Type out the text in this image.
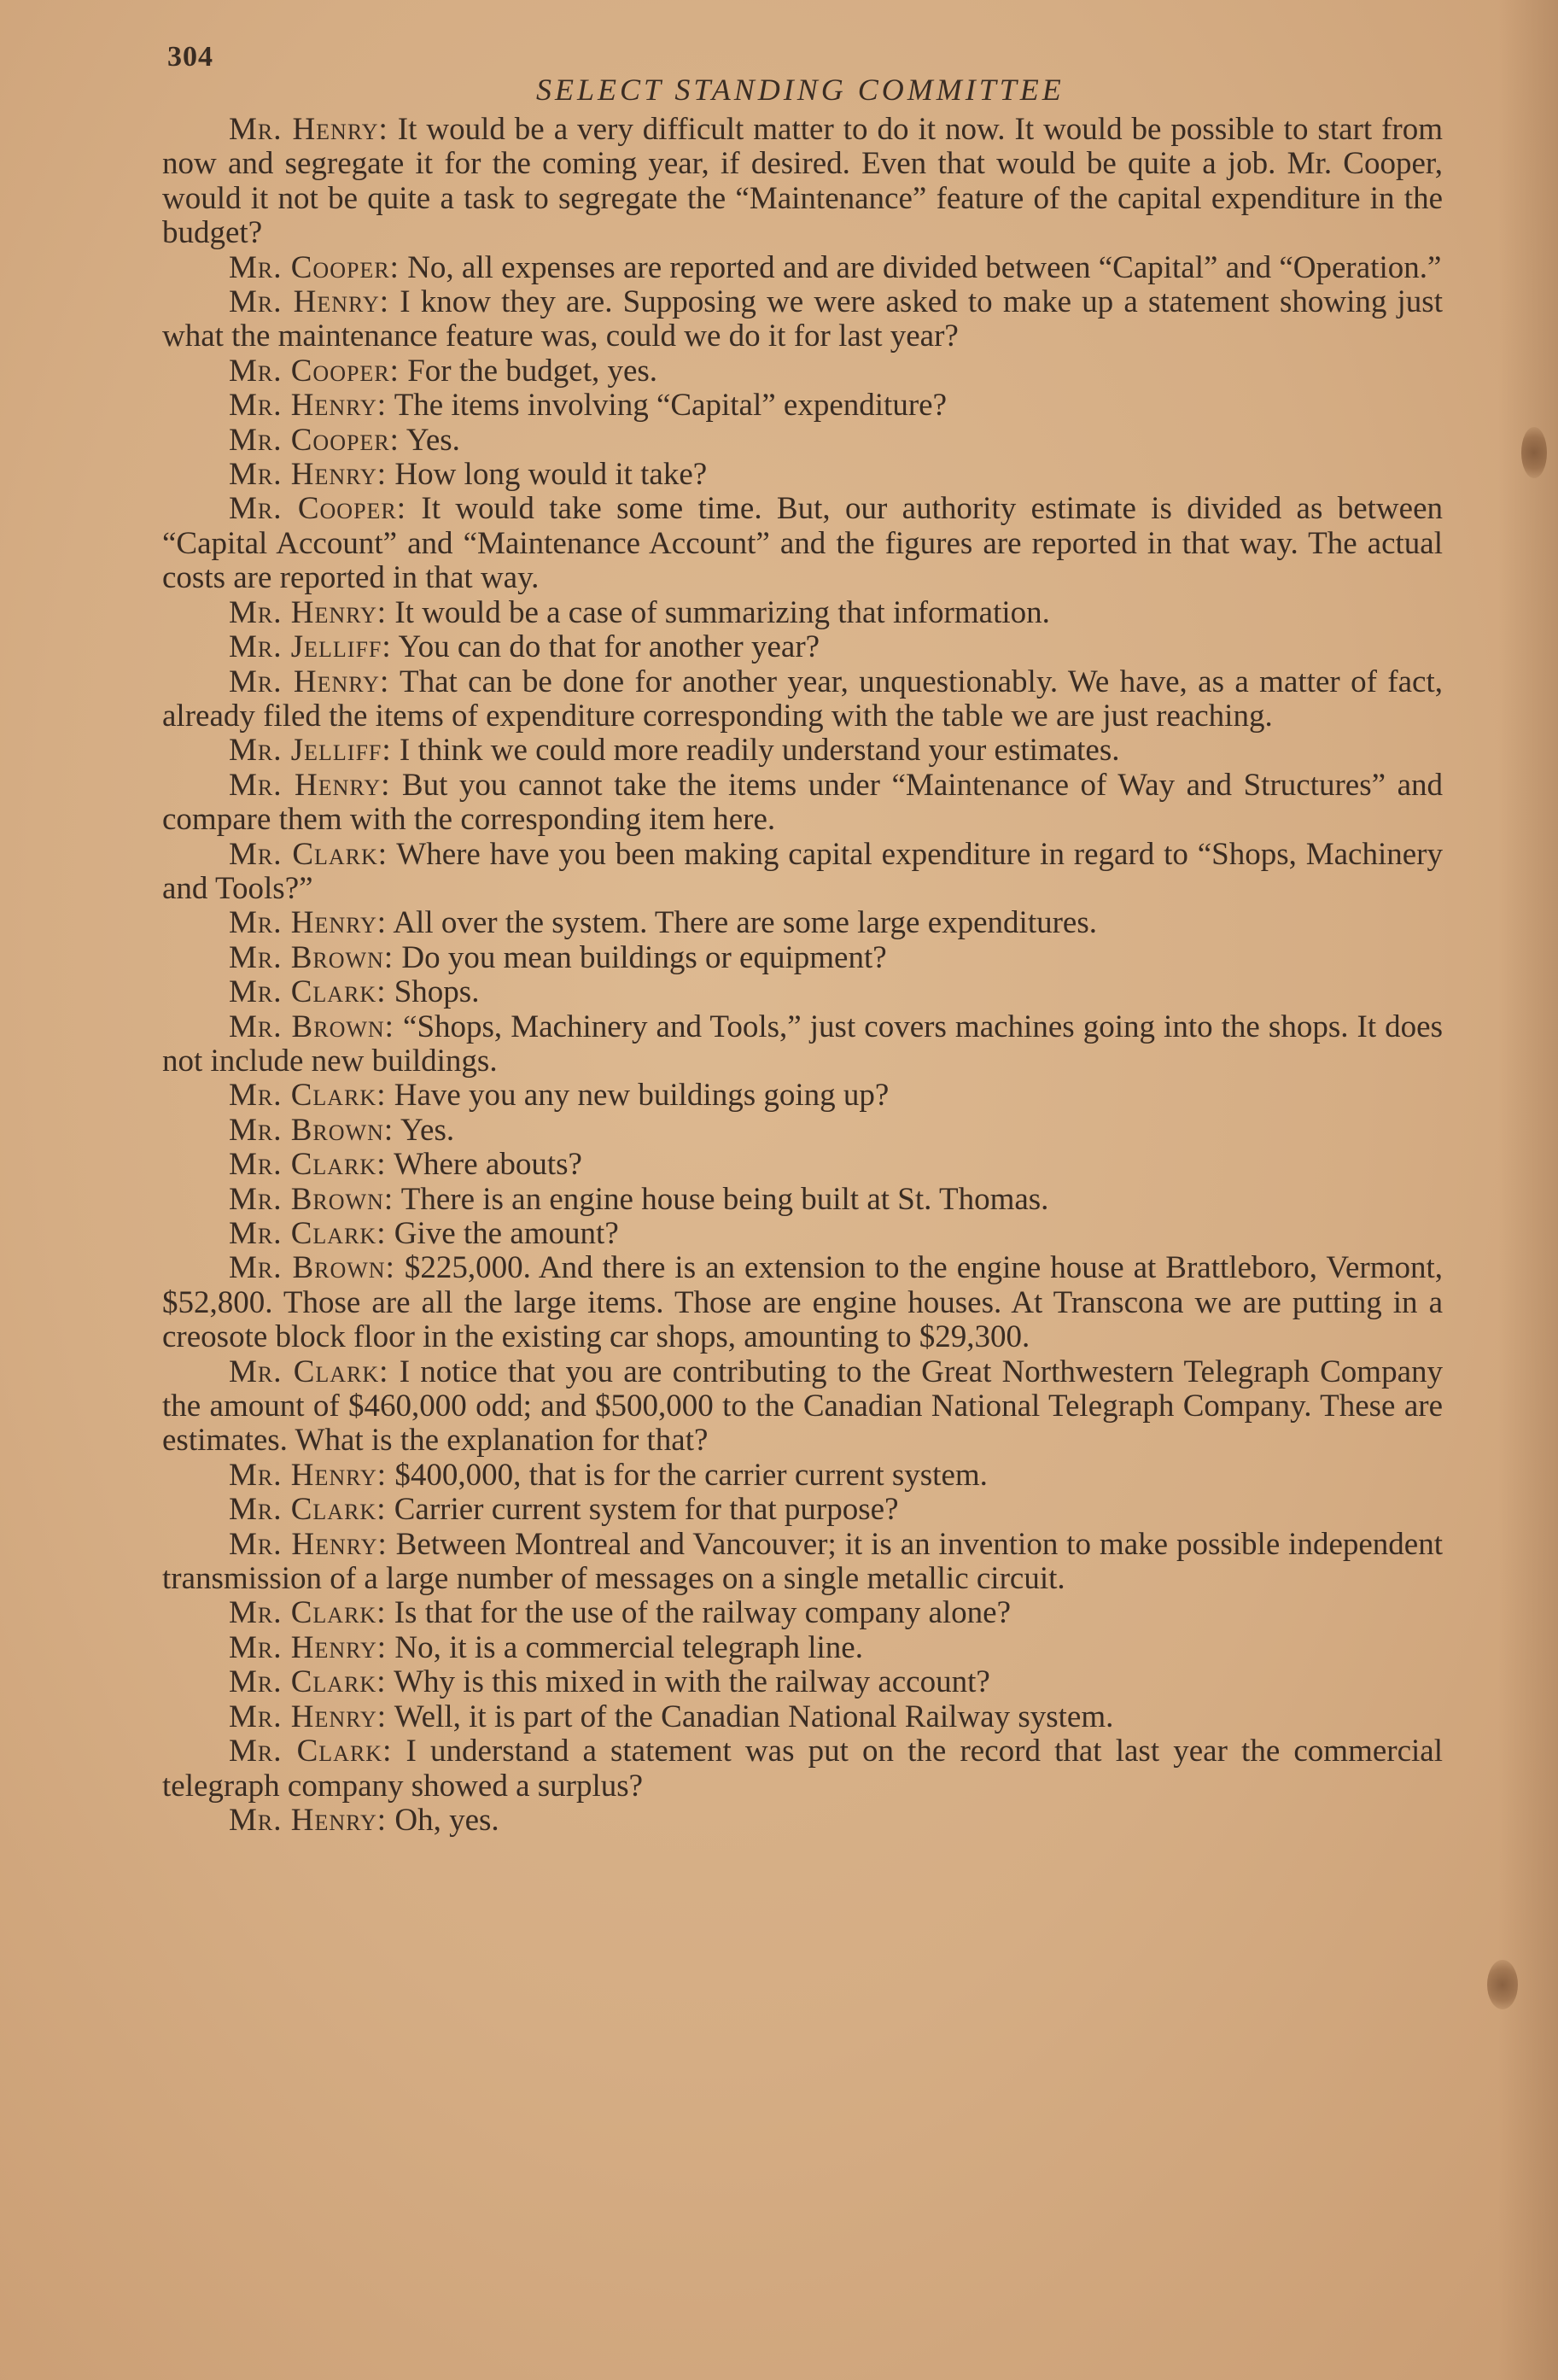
304
SELECT STANDING COMMITTEE

Mr. Henry: It would be a very difficult matter to do it now. It would be possible to start from now and segregate it for the coming year, if desired. Even that would be quite a job. Mr. Cooper, would it not be quite a task to segregate the “Maintenance” feature of the capital expenditure in the budget?

Mr. Cooper: No, all expenses are reported and are divided between “Capital” and “Operation.”

Mr. Henry: I know they are. Supposing we were asked to make up a statement showing just what the maintenance feature was, could we do it for last year?

Mr. Cooper: For the budget, yes.

Mr. Henry: The items involving “Capital” expenditure?

Mr. Cooper: Yes.

Mr. Henry: How long would it take?

Mr. Cooper: It would take some time. But, our authority estimate is divided as between “Capital Account” and “Maintenance Account” and the figures are reported in that way. The actual costs are reported in that way.

Mr. Henry: It would be a case of summarizing that information.

Mr. Jelliff: You can do that for another year?

Mr. Henry: That can be done for another year, unquestionably. We have, as a matter of fact, already filed the items of expenditure corresponding with the table we are just reaching.

Mr. Jelliff: I think we could more readily understand your estimates.

Mr. Henry: But you cannot take the items under “Maintenance of Way and Structures” and compare them with the corresponding item here.

Mr. Clark: Where have you been making capital expenditure in regard to “Shops, Machinery and Tools?”

Mr. Henry: All over the system. There are some large expenditures.

Mr. Brown: Do you mean buildings or equipment?

Mr. Clark: Shops.

Mr. Brown: “Shops, Machinery and Tools,” just covers machines going into the shops. It does not include new buildings.

Mr. Clark: Have you any new buildings going up?

Mr. Brown: Yes.

Mr. Clark: Where abouts?

Mr. Brown: There is an engine house being built at St. Thomas.

Mr. Clark: Give the amount?

Mr. Brown: $225,000. And there is an extension to the engine house at Brattleboro, Vermont, $52,800. Those are all the large items. Those are engine houses. At Transcona we are putting in a creosote block floor in the existing car shops, amounting to $29,300.

Mr. Clark: I notice that you are contributing to the Great Northwestern Telegraph Company the amount of $460,000 odd; and $500,000 to the Canadian National Telegraph Company. These are estimates. What is the explanation for that?

Mr. Henry: $400,000, that is for the carrier current system.

Mr. Clark: Carrier current system for that purpose?

Mr. Henry: Between Montreal and Vancouver; it is an invention to make possible independent transmission of a large number of messages on a single metallic circuit.

Mr. Clark: Is that for the use of the railway company alone?

Mr. Henry: No, it is a commercial telegraph line.

Mr. Clark: Why is this mixed in with the railway account?

Mr. Henry: Well, it is part of the Canadian National Railway system.

Mr. Clark: I understand a statement was put on the record that last year the commercial telegraph company showed a surplus?

Mr. Henry: Oh, yes.
